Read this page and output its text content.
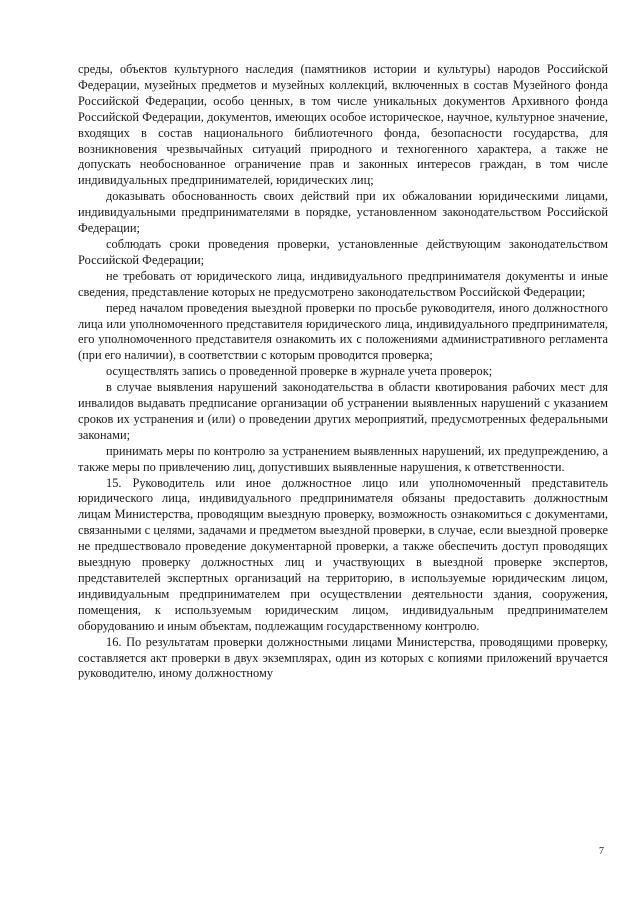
среды, объектов культурного наследия (памятников истории и культуры) народов Российской Федерации, музейных предметов и музейных коллекций, включенных в состав Музейного фонда Российской Федерации, особо ценных, в том числе уникальных документов Архивного фонда Российской Федерации, документов, имеющих особое историческое, научное, культурное значение, входящих в состав национального библиотечного фонда, безопасности государства, для возникновения чрезвычайных ситуаций природного и техногенного характера, а также не допускать необоснованное ограничение прав и законных интересов граждан, в том числе индивидуальных предпринимателей, юридических лиц;

доказывать обоснованность своих действий при их обжаловании юридическими лицами, индивидуальными предпринимателями в порядке, установленном законодательством Российской Федерации;

соблюдать сроки проведения проверки, установленные действующим законодательством Российской Федерации;

не требовать от юридического лица, индивидуального предпринимателя документы и иные сведения, представление которых не предусмотрено законодательством Российской Федерации;

перед началом проведения выездной проверки по просьбе руководителя, иного должностного лица или уполномоченного представителя юридического лица, индивидуального предпринимателя, его уполномоченного представителя ознакомить их с положениями административного регламента (при его наличии), в соответствии с которым проводится проверка;

осуществлять запись о проведенной проверке в журнале учета проверок;

в случае выявления нарушений законодательства в области квотирования рабочих мест для инвалидов выдавать предписание организации об устранении выявленных нарушений с указанием сроков их устранения и (или) о проведении других мероприятий, предусмотренных федеральными законами;

принимать меры по контролю за устранением выявленных нарушений, их предупреждению, а также меры по привлечению лиц, допустивших выявленные нарушения, к ответственности.

15. Руководитель или иное должностное лицо или уполномоченный представитель юридического лица, индивидуального предпринимателя обязаны предоставить должностным лицам Министерства, проводящим выездную проверку, возможность ознакомиться с документами, связанными с целями, задачами и предметом выездной проверки, в случае, если выездной проверке не предшествовало проведение документарной проверки, а также обеспечить доступ проводящих выездную проверку должностных лиц и участвующих в выездной проверке экспертов, представителей экспертных организаций на территорию, в используемые юридическим лицом, индивидуальным предпринимателем при осуществлении деятельности здания, сооружения, помещения, к используемым юридическим лицом, индивидуальным предпринимателем оборудованию и иным объектам, подлежащим государственному контролю.

16. По результатам проверки должностными лицами Министерства, проводящими проверку, составляется акт проверки в двух экземплярах, один из которых с копиями приложений вручается руководителю, иному должностному

7
